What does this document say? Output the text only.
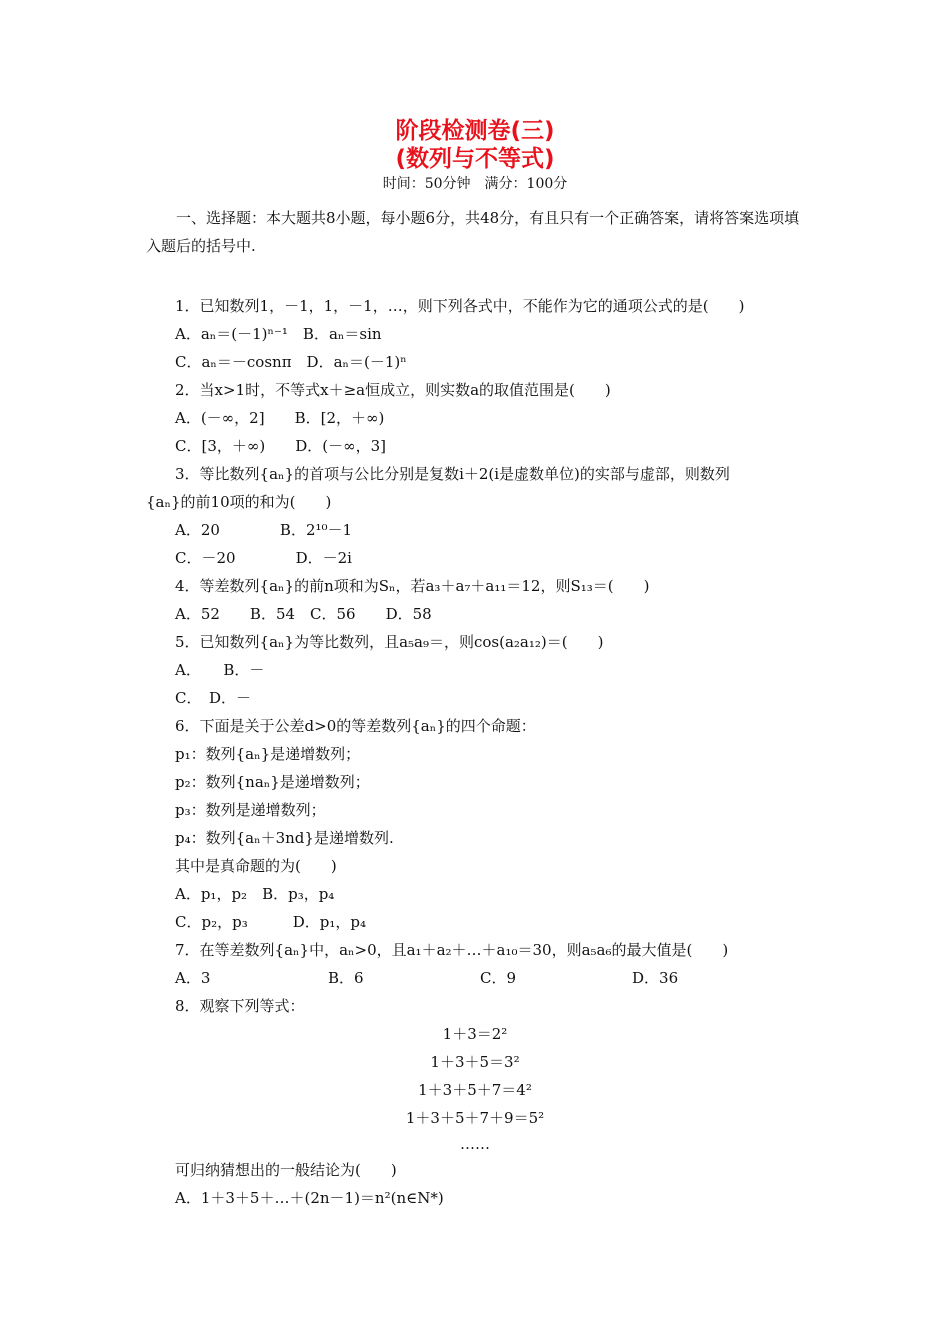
阶段检测卷(三)
(数列与不等式)
时间：50分钟　满分：100分
一、选择题：本大题共8小题，每小题6分，共48分，有且只有一个正确答案，请将答案选项填入题后的括号中.
1．已知数列1，－1，1，－1，…，则下列各式中，不能作为它的通项公式的是(　　)
A．aₙ＝(－1)ⁿ⁻¹　B．aₙ＝sin
C．aₙ＝－cosnπ　D．aₙ＝(－1)ⁿ
2．当x>1时，不等式x＋≥a恒成立，则实数a的取值范围是(　　)
A．(－∞，2]　　B．[2，＋∞)
C．[3，＋∞)　　D．(－∞，3]
3．等比数列{aₙ}的首项与公比分别是复数i＋2(i是虚数单位)的实部与虚部，则数列
{aₙ}的前10项的和为(　　)
A．20　　　　B．2¹⁰－1
C．－20　　　　D．－2i
4．等差数列{aₙ}的前n项和为Sₙ，若a₃＋a₇＋a₁₁＝12，则S₁₃＝(　　)
A．52　　B．54　C．56　　D．58
5．已知数列{aₙ}为等比数列，且a₅a₉＝，则cos(a₂a₁₂)＝(　　)
A．　　B．－
C．　D．－
6．下面是关于公差d>0的等差数列{aₙ}的四个命题：
p₁：数列{aₙ}是递增数列；
p₂：数列{naₙ}是递增数列；
p₃：数列是递增数列；
p₄：数列{aₙ＋3nd}是递增数列.
其中是真命题的为(　　)
A．p₁，p₂　B．p₃，p₄
C．p₂，p₃　　　D．p₁，p₄
7．在等差数列{aₙ}中，aₙ>0，且a₁＋a₂＋…＋a₁₀＝30，则a₅a₆的最大值是(　　)
8．观察下列等式：
可归纳猜想出的一般结论为(　　)
A．1＋3＋5＋…＋(2n－1)＝n²(n∈N*)
A．3	B．6	C．9	D．36
1＋3＝2²
1＋3＋5＝3²
1＋3＋5＋7＝4²
1＋3＋5＋7＋9＝5²
……
